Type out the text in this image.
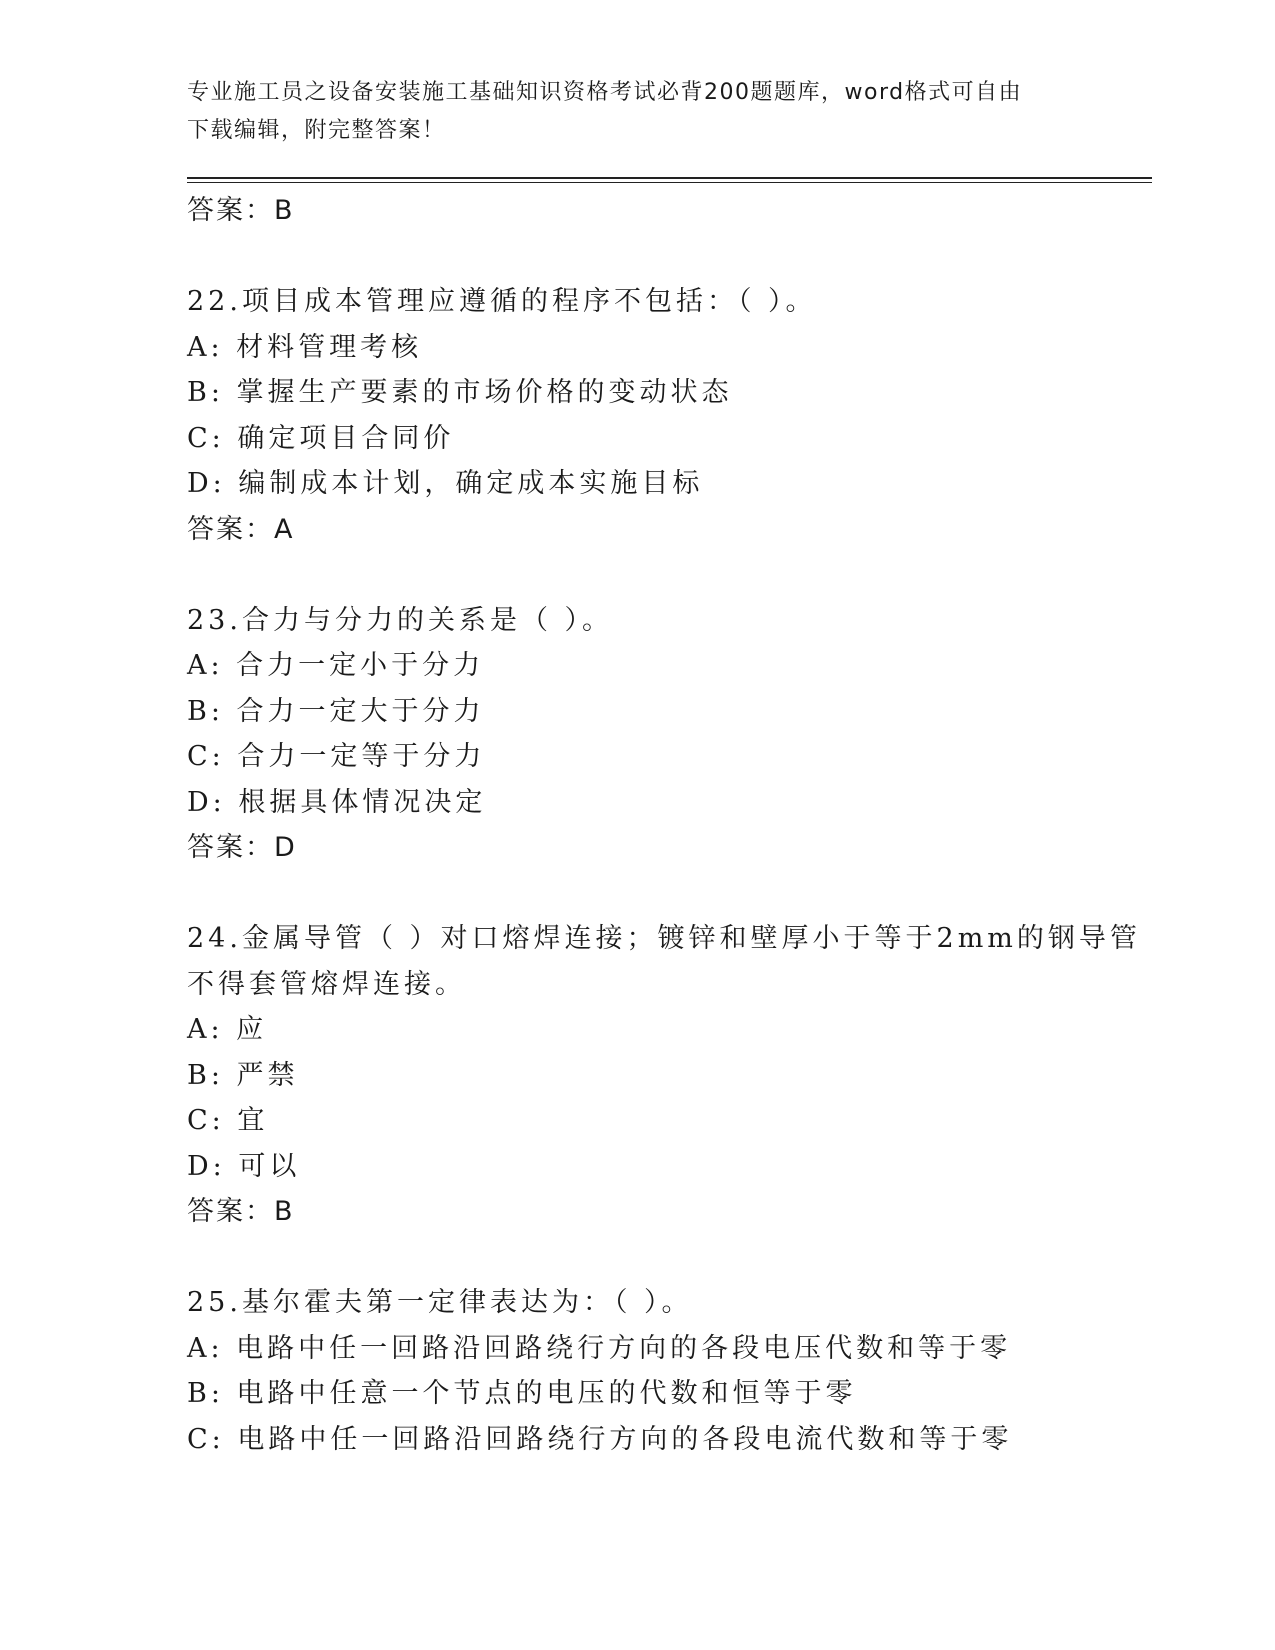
专业施工员之设备安装施工基础知识资格考试必背200题题库，word格式可自由
下载编辑，附完整答案！
答案：B
22.项目成本管理应遵循的程序不包括：（ ）。
A: 材料管理考核
B: 掌握生产要素的市场价格的变动状态
C: 确定项目合同价
D: 编制成本计划，确定成本实施目标
答案：A
23.合力与分力的关系是（ ）。
A: 合力一定小于分力
B: 合力一定大于分力
C: 合力一定等于分力
D: 根据具体情况决定
答案：D
24.金属导管（ ）对口熔焊连接；镀锌和壁厚小于等于2mm的钢导管
不得套管熔焊连接。
A: 应
B: 严禁
C: 宜
D: 可以
答案：B
25.基尔霍夫第一定律表达为：（ ）。
A: 电路中任一回路沿回路绕行方向的各段电压代数和等于零
B: 电路中任意一个节点的电压的代数和恒等于零
C: 电路中任一回路沿回路绕行方向的各段电流代数和等于零
